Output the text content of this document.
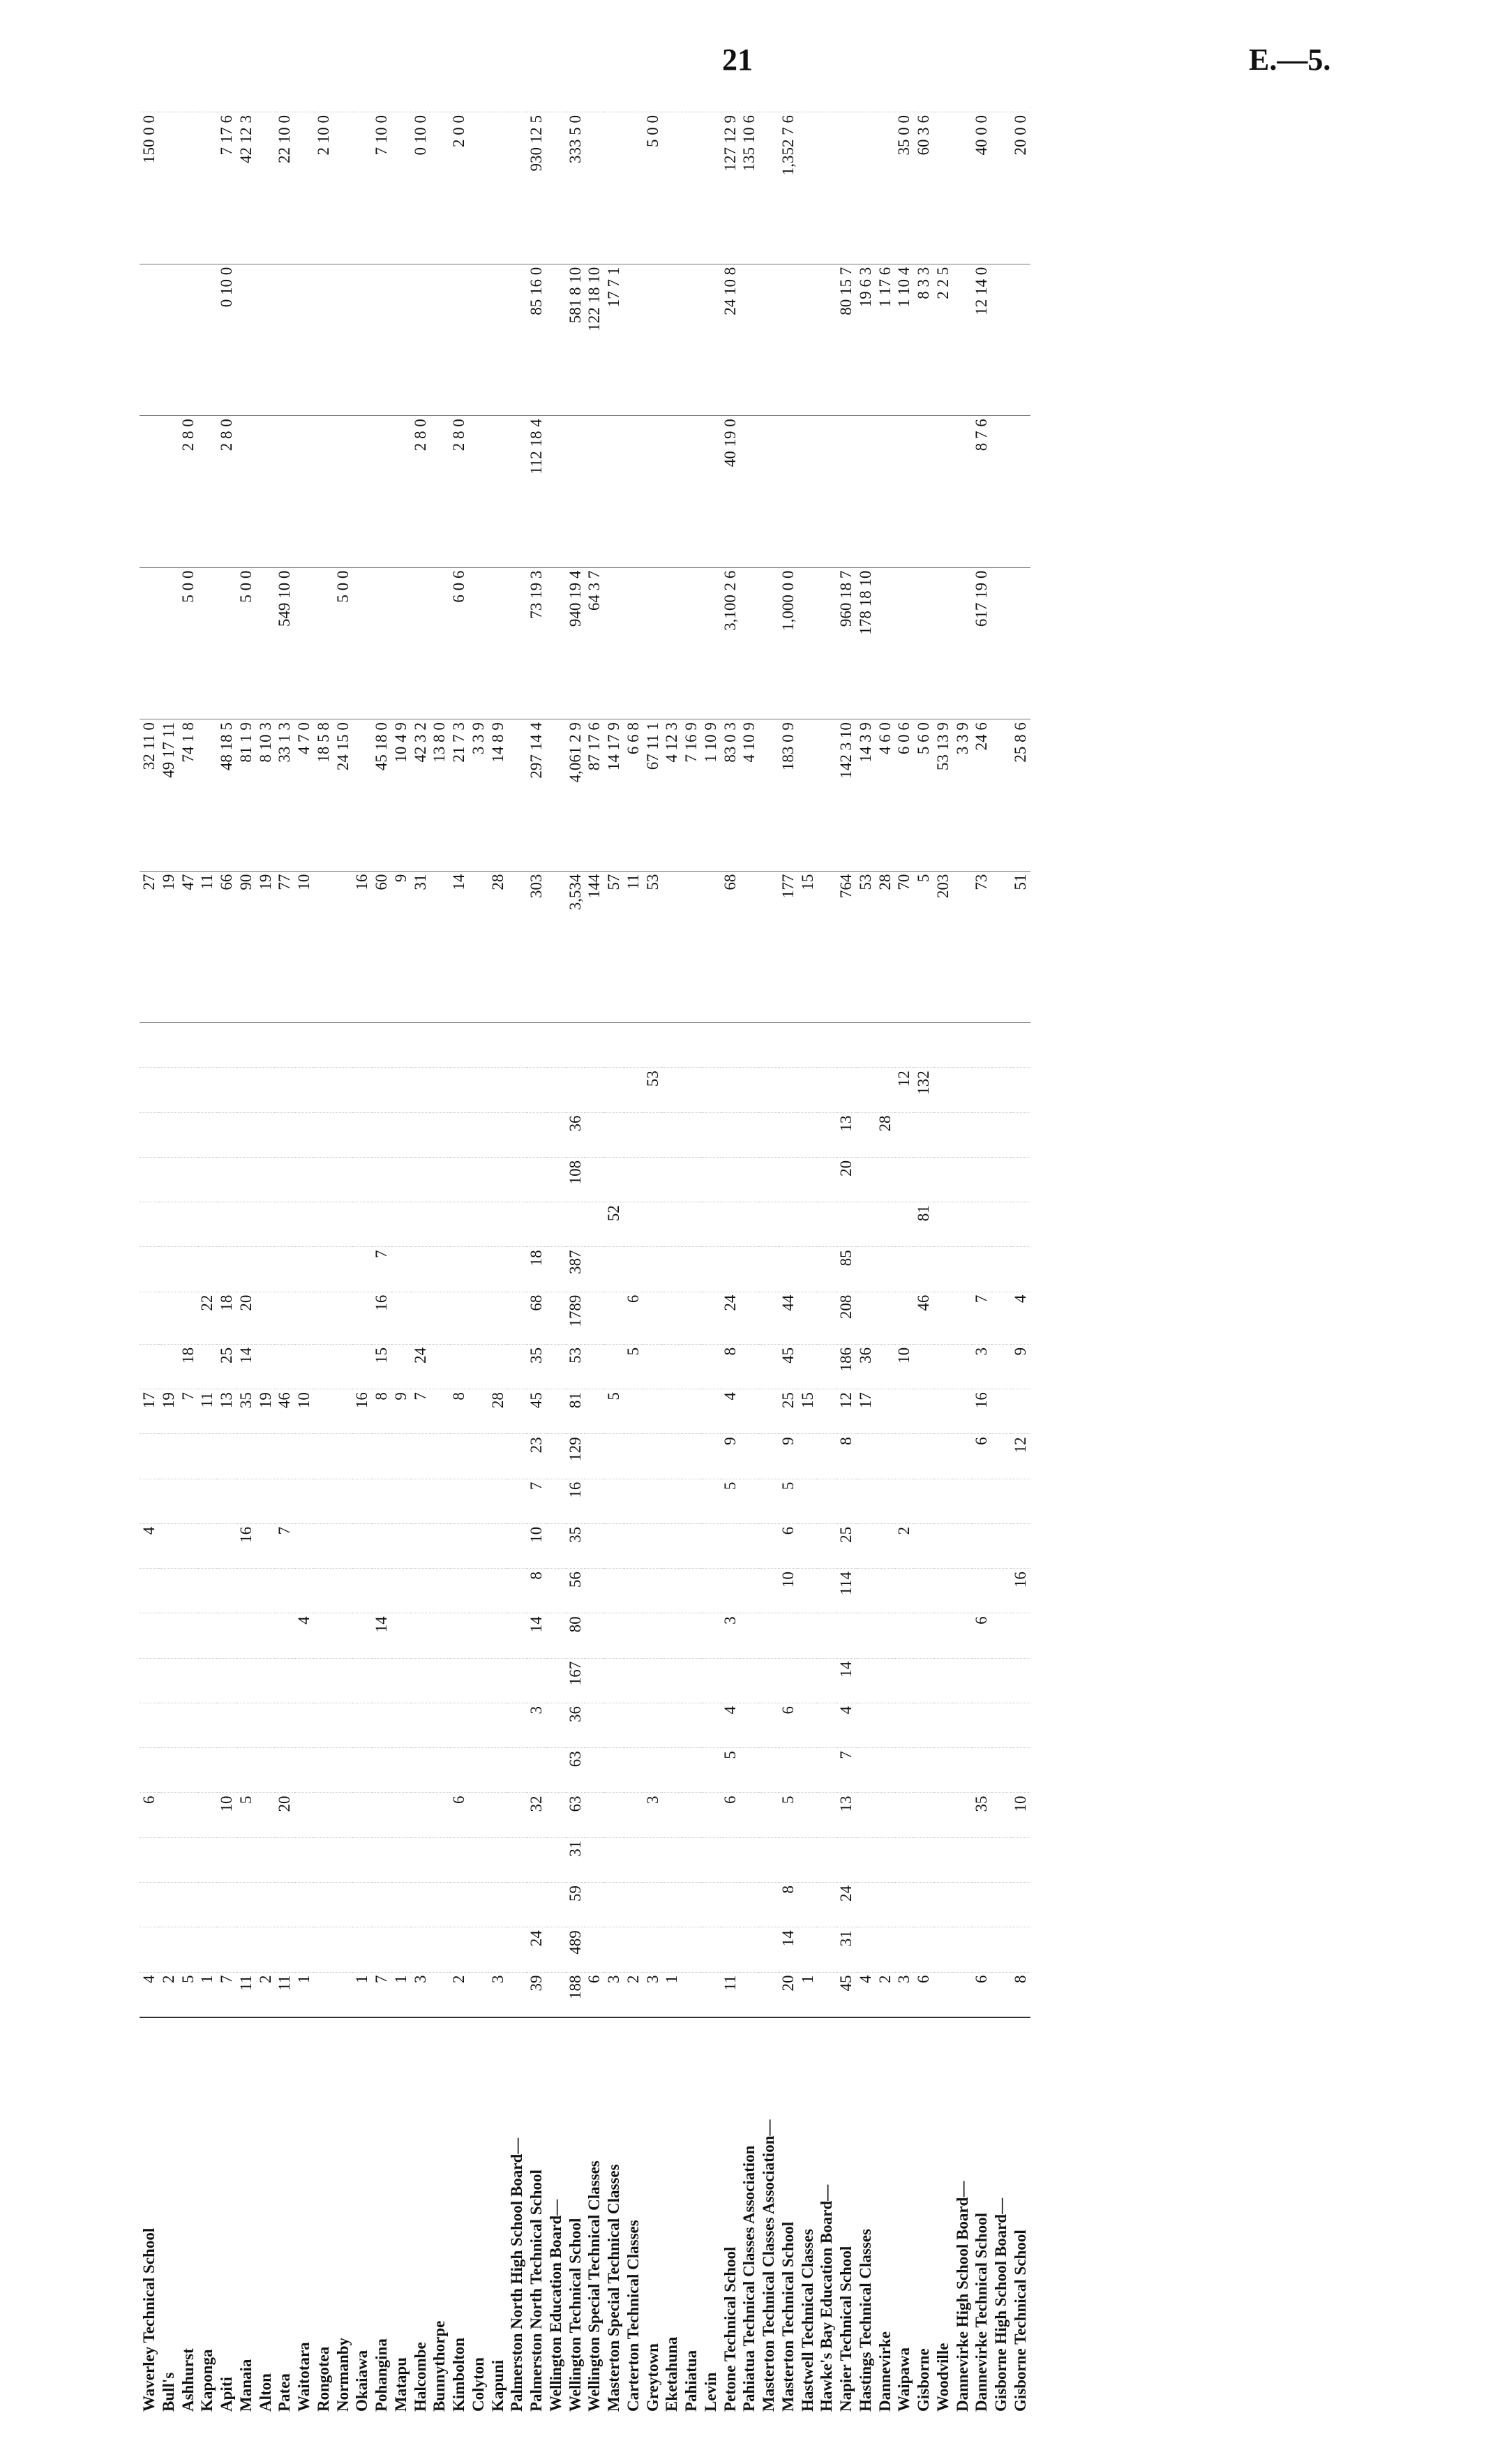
21	E.—5.
Waverley Technical School	4				6						4			17									27	32 11 0				150 0 0
Bull's	2													19									19	49 17 11				
Ashhurst	5													7	18								47	74 1 8	5 0 0	2 8 0		
Kaponga	1													11		22							11					
Apiti	7				10									13	25	18							66	48 18 5		2 8 0	0 10 0	7 17 6
Manaia	11				5						16			35	14	20							90	81 1 9	5 0 0			42 12 3
Alton	2													19									19	8 10 3				
Patea	11				20						7			46									77	33 1 3	549 10 0			22 10 0
Waitotara	1								4					10									10	4 7 0				
Rongotea																								18 5 8				2 10 0
Normanby																								24 15 0	5 0 0			
Okaiawa	1													16									16					
Pohangina	7								14					8	15	16	7						60	45 18 0				7 10 0
Matapu	1													9									9	10 4 9				
Halcombe	3													7	24								31	42 3 2		2 8 0		0 10 0
Bunnythorpe																								13 8 0				
Kimbolton	2				6									8									14	21 7 3	6 0 6	2 8 0		2 0 0
Colyton																								3 3 9				
Kapuni	3													28									28	14 8 9				
Palmerston North High School Board—																												
Palmerston North Technical School	39	24			32		3		14	8	10	7	23	45	35	68	18						303	297 14 4	73 19 3	112 18 4	85 16 0	930 12 5
Wellington Education Board—																												
Wellington Technical School	188	489	59	31	63	63	36	167	80	56	35	16	129	81	53	1789	387		108	36			3,534	4,061 2 9	940 19 4		581 8 10	333 5 0
Wellington Special Technical Classes	6																						144	87 17 6	64 3 7		122 18 10	
Masterton Special Technical Classes	3													5				52					57	14 17 9			17 7 1	
Carterton Technical Classes	2														5	6							11	6 6 8				
Greytown	3				3																53		53	67 11 1				5 0 0
Eketahuna	1																							4 12 3				
Pahiatua																								7 16 9				
Levin																								1 10 9				
Petone Technical School	11				6	5	4		3			5	9	4	8	24							68	83 0 3	3,100 2 6	40 19 0	24 10 8	127 12 9
Pahiatua Technical Classes Association																								4 10 9				135 10 6
Masterton Technical Classes Association—																												
Masterton Technical School	20	14	8		5		6			10	6	5	9	25	45	44							177	183 0 9	1,000 0 0			1,352 7 6
Hastwell Technical Classes	1													15									15					
Hawke's Bay Education Board—																												
Napier Technical School	45	31	24		13	7	4	14		114	25		8	12	186	208	85		20	13			764	142 3 10	960 18 7		80 15 7	
Hastings Technical Classes	4													17	36								53	14 3 9	178 18 10		19 6 3	
Dannevirke	2																			28			28	4 6 0			1 17 6	
Waipawa	3										2				10						12		70	6 0 6			1 10 4	35 0 0
Gisborne	6															46		81			132		5	5 6 0			8 3 3	60 3 6
Woodville																							203	53 13 9			2 2 5	
Dannevirke High School Board—																								3 3 9				
Dannevirke Technical School	6				35				6				6	16	3	7							73	24 6	617 19 0	8 7 6	12 14 0	40 0 0
Gisborne High School Board—																												
Gisborne Technical School	8				10					16			12		9	4							51	25 8 6				20 0 0
